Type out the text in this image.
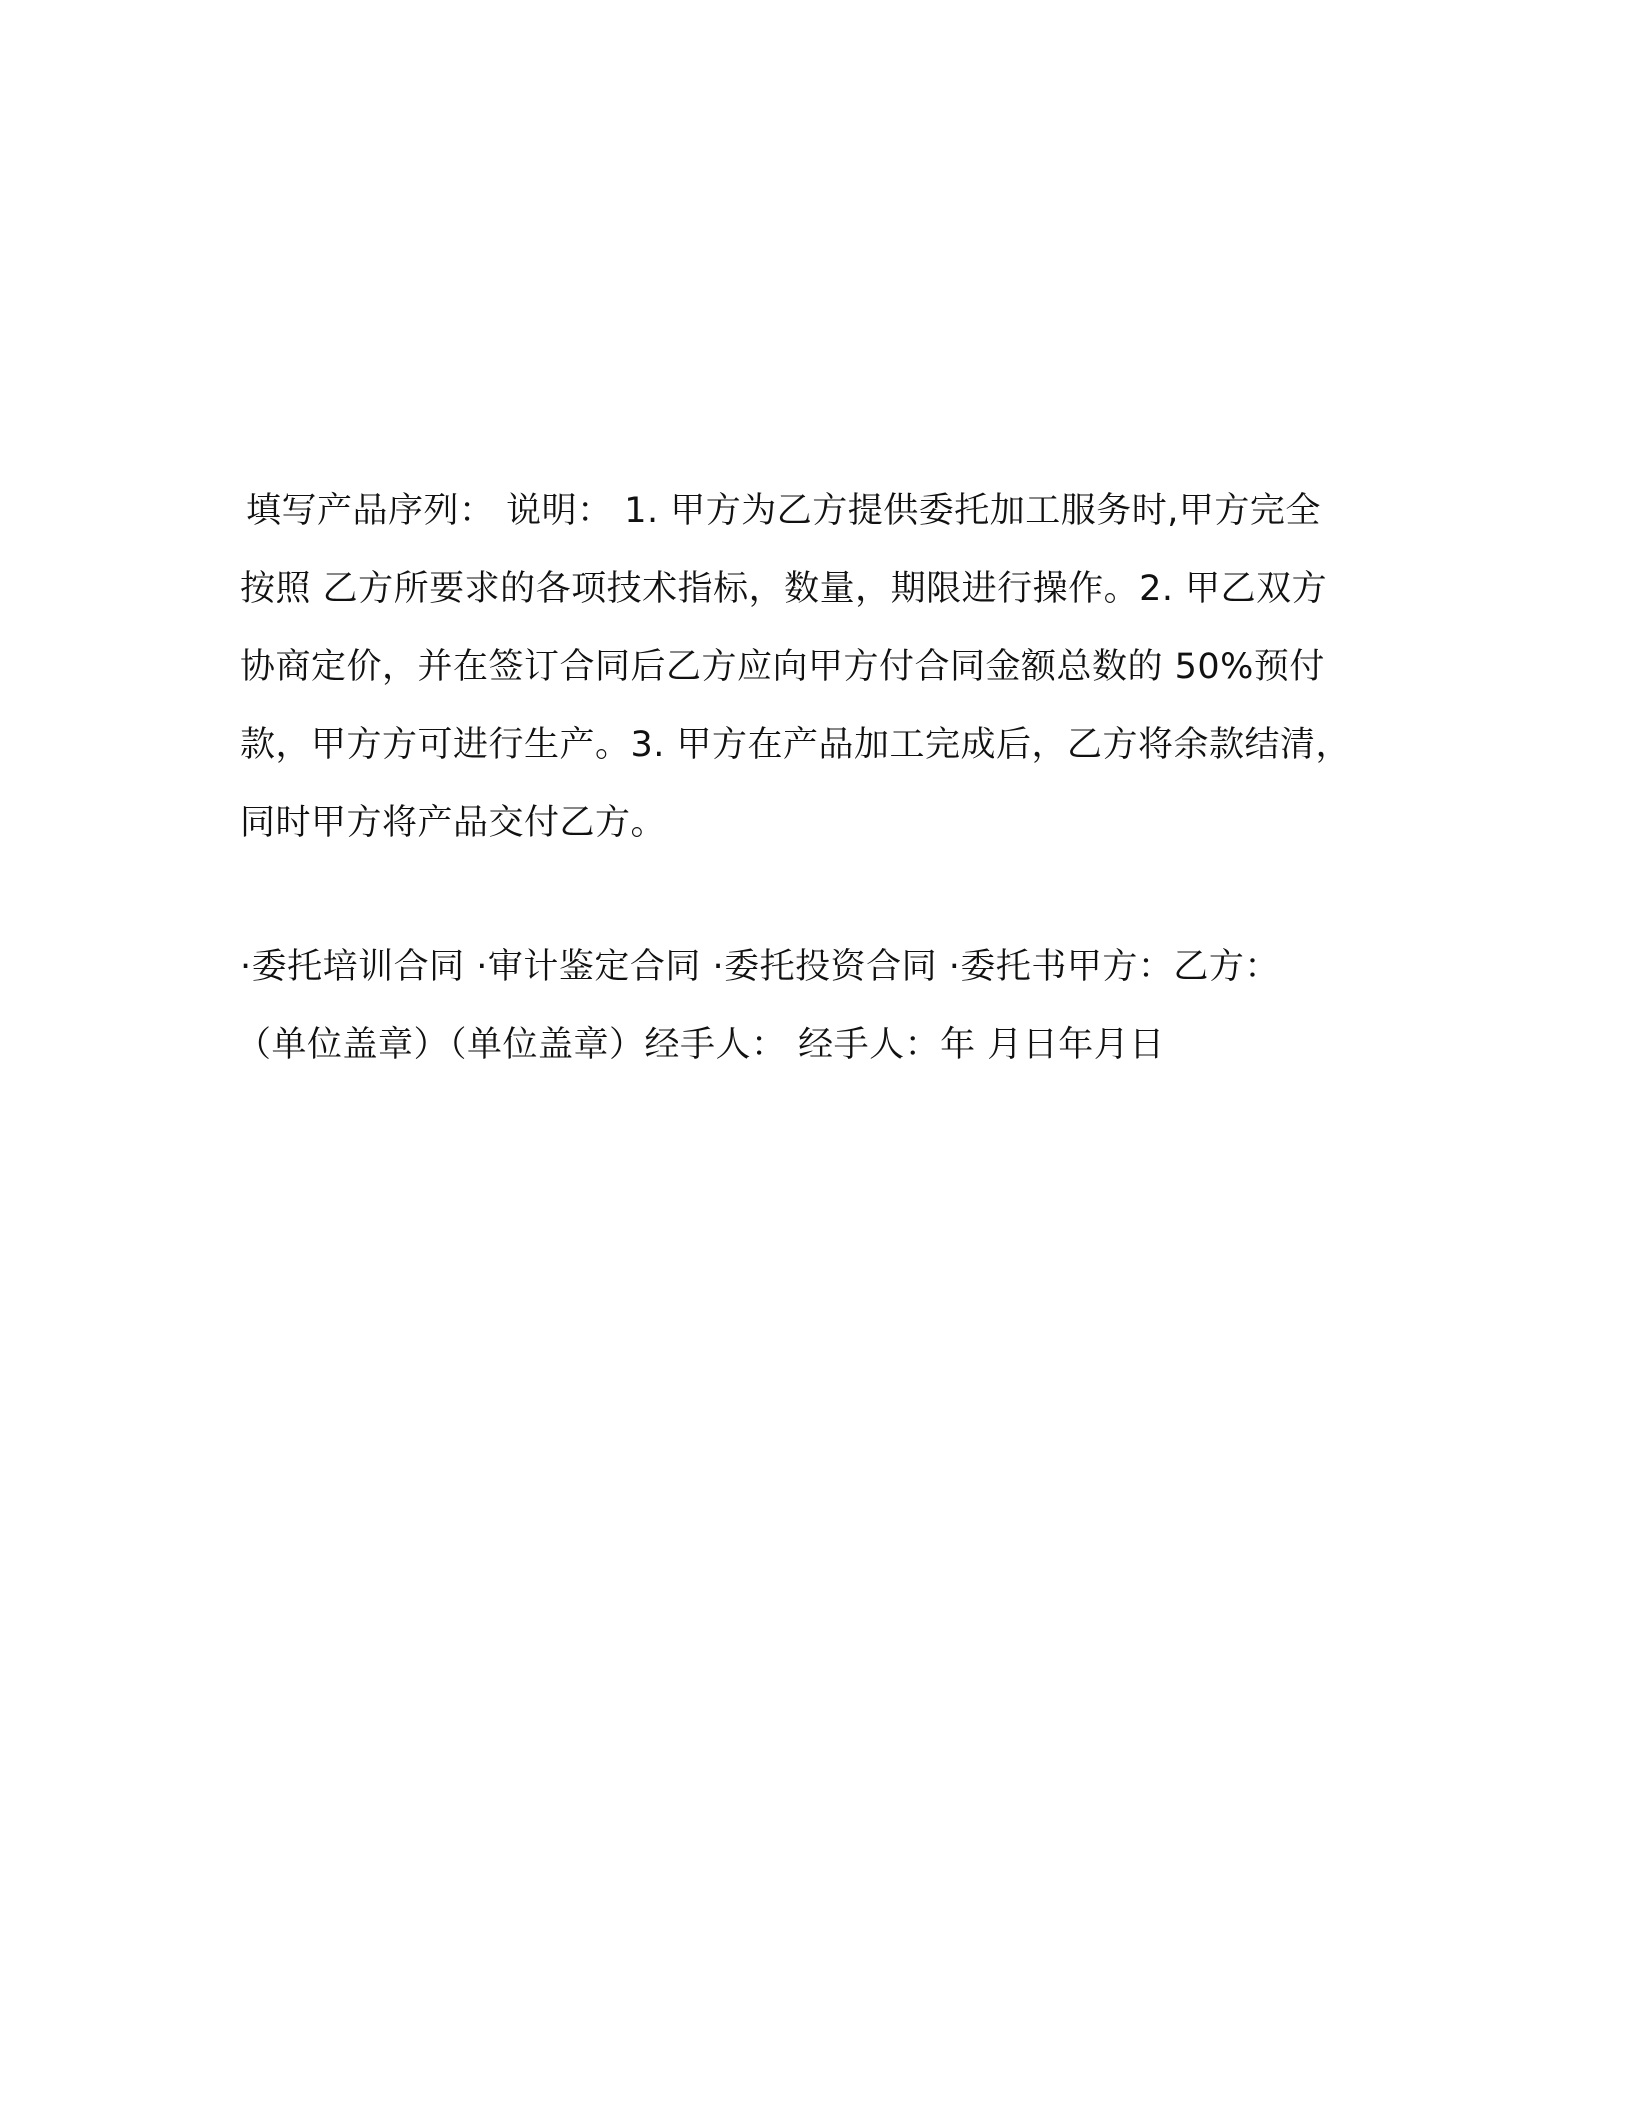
填写产品序列： 说明： 1. 甲方为乙方提供委托加工服务时,甲方完全
按照 乙方所要求的各项技术指标，数量，期限进行操作。2. 甲乙双方
协商定价，并在签订合同后乙方应向甲方付合同金额总数的 50%预付
款，甲方方可进行生产。3. 甲方在产品加工完成后，乙方将余款结清，
同时甲方将产品交付乙方。
·委托培训合同 ·审计鉴定合同 ·委托投资合同 ·委托书甲方：乙方：
（单位盖章）（单位盖章）经手人： 经手人：年 月日年月日
